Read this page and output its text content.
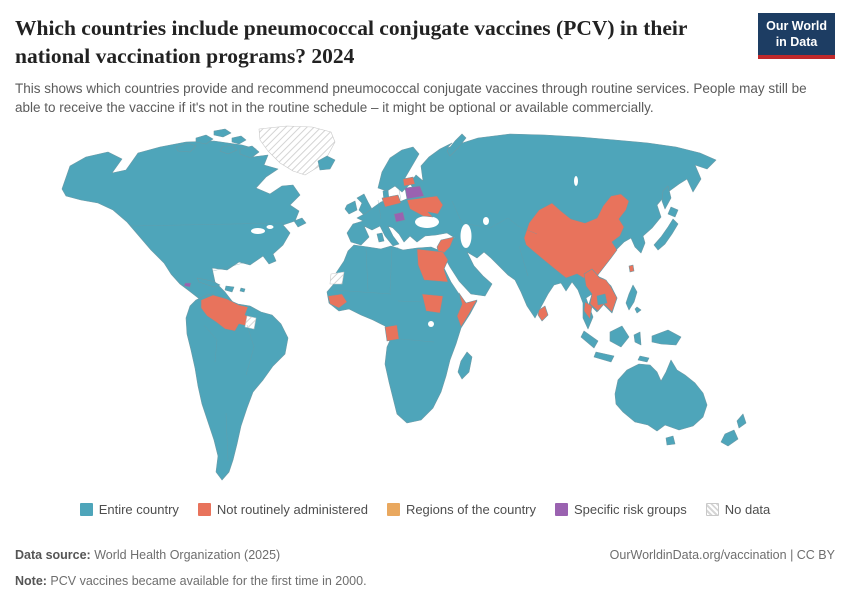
Which countries include pneumococcal conjugate vaccines (PCV) in their national vaccination programs? 2024
Our World
in Data
This shows which countries provide and recommend pneumococcal conjugate vaccines through routine services. People may still be able to receive the vaccine if it's not in the routine schedule – it might be optional or available commercially.
Entire country	Not routinely administered	Regions of the country	Specific risk groups	No data
Data source: World Health Organization (2025)
Note: PCV vaccines became available for the first time in 2000.
OurWorldinData.org/vaccination | CC BY
